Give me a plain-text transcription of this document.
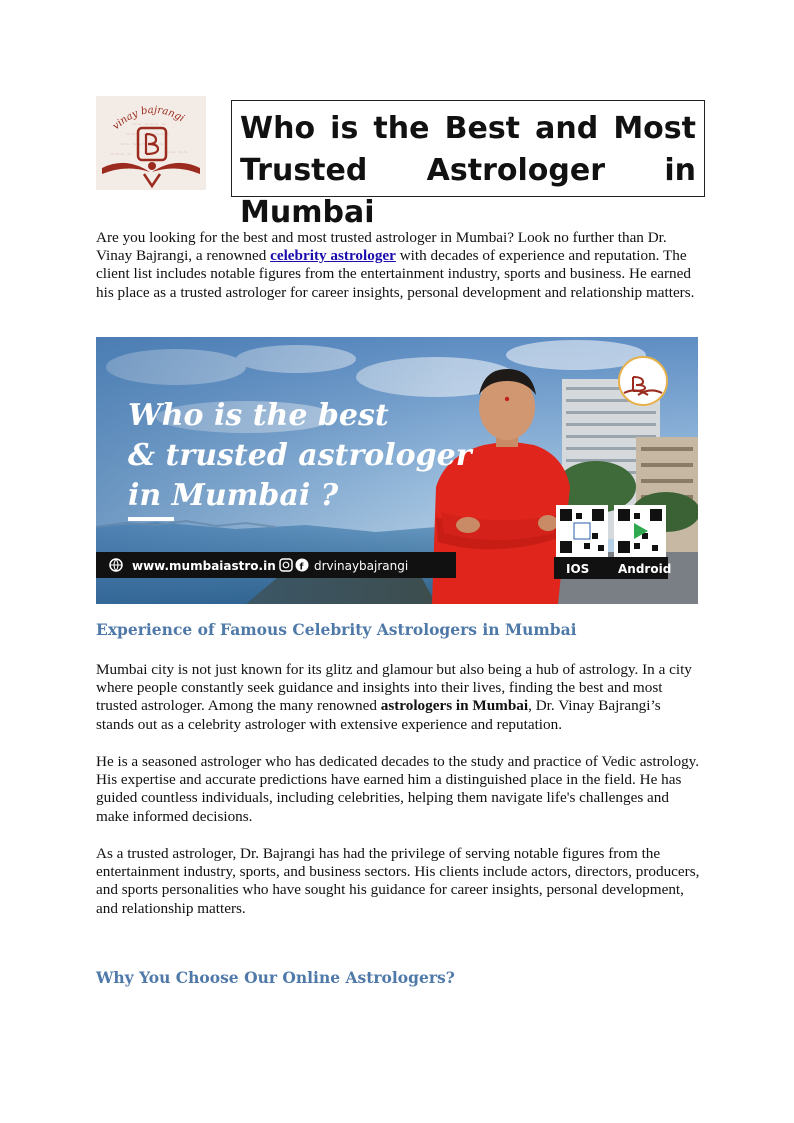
~~ ~~~ ~
~~~ ~~ ~~~
~~ ~~~~ ~~
~~ ~~
~~~ ~
vinay bajrangi Who is the Best and Most Trusted Astrologer in Mumbai

Are you looking for the best and most trusted astrologer in Mumbai? Look no further than Dr. Vinay Bajrangi, a renowned celebrity astrologer with decades of experience and reputation. The client list includes notable figures from the entertainment industry, sports and business. He earned his place as a trusted astrologer for career insights, personal development and relationship matters.

Who is the best
& trusted astrologer
in Mumbai ?
www.mumbaiastro.in	f drvinaybajrangi	IOS Android
Experience of Famous Celebrity Astrologers in Mumbai

Mumbai city is not just known for its glitz and glamour but also being a hub of astrology. In a city where people constantly seek guidance and insights into their lives, finding the best and most trusted astrologer. Among the many renowned astrologers in Mumbai, Dr. Vinay Bajrangi’s stands out as a celebrity astrologer with extensive experience and reputation.

He is a seasoned astrologer who has dedicated decades to the study and practice of Vedic astrology. His expertise and accurate predictions have earned him a distinguished place in the field. He has guided countless individuals, including celebrities, helping them navigate life's challenges and make informed decisions.

As a trusted astrologer, Dr. Bajrangi has had the privilege of serving notable figures from the entertainment industry, sports, and business sectors. His clients include actors, directors, producers, and sports personalities who have sought his guidance for career insights, personal development, and relationship matters.

Why You Choose Our Online Astrologers?
